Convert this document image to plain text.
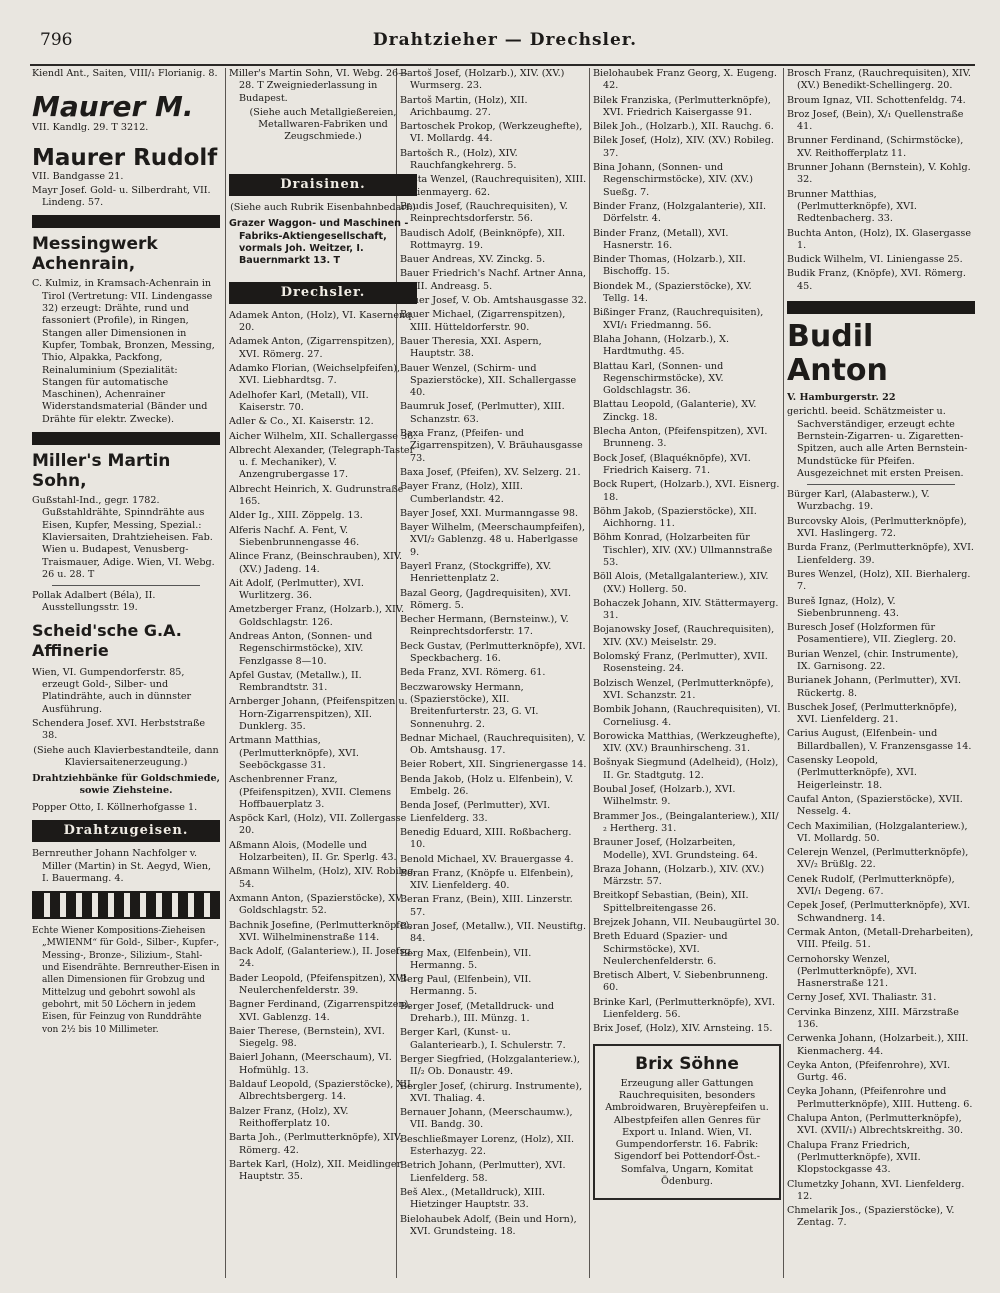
796	Drahtzieher — Drechsler.
Kiendl Ant., Saiten, VIII/₁ Florianig. 8.
Maurer M.
VII. Kandlg. 29. T 3212.
Maurer Rudolf
VII. Bandgasse 21.
Mayr Josef. Gold- u. Silberdraht, VII. Lindeng. 57.
Messingwerk Achenrain,
C. Kulmiz, in Kramsach-Achenrain in Tirol (Vertretung: VII. Lindengasse 32) erzeugt: Drähte, rund und fassoniert (Profile), in Ringen, Stangen aller Dimensionen in Kupfer, Tombak, Bronzen, Messing, Thio, Alpakka, Packfong, Reinaluminium (Spezialität: Stangen für automatische Maschinen), Achenrainer Widerstandsmaterial (Bänder und Drähte für elektr. Zwecke).
Miller's Martin Sohn,
Gußstahl-Ind., gegr. 1782. Gußstahldrähte, Spinndrähte aus Eisen, Kupfer, Messing, Spezial.: Klaviersaiten, Drahtzieheisen. Fab. Wien u. Budapest, Venusberg-Traismauer, Adige. Wien, VI. Webg. 26 u. 28. T
Pollak Adalbert (Béla), II. Ausstellungsstr. 19.
Scheid'sche G.A. Affinerie
Wien, VI. Gumpendorferstr. 85, erzeugt Gold-, Silber- und Platindrähte, auch in dünnster Ausführung.
Schendera Josef. XVI. Herbststraße 38.
(Siehe auch Klavierbestandteile, dann Klaviersaitenerzeugung.)
Drahtziehbänke für Goldschmiede, sowie Ziehsteine.
Popper Otto, I. Köllnerhofgasse 1.
Drahtzugeisen.
Bernreuther Johann Nachfolger v. Miller (Martin) in St. Aegyd, Wien, I. Bauermang. 4.
Echte Wiener Kompositions-Zieheisen „MWIENM“ für Gold-, Silber-, Kupfer-, Messing-, Bronze-, Silizium-, Stahl- und Eisendrähte. Bernreuther-Eisen in allen Dimensionen für Grobzug und Mittelzug und gebohrt sowohl als gebohrt, mit 50 Löchern in jedem Eisen, für Feinzug von Runddrähte von 2½ bis 10 Millimeter.
Miller's Martin Sohn, VI. Webg. 26—28. T Zweigniederlassung in Budapest.
(Siehe auch Metallgießereien, Metallwaren-Fabriken und Zeugschmiede.)
Draisinen.
(Siehe auch Rubrik Eisenbahnbedarf.)
Grazer Waggon- und Maschinen - Fabriks-Aktiengesellschaft, vormals Joh. Weitzer, I. Bauernmarkt 13. T
Drechsler.
Adamek Anton, (Holz), VI. Kasernenq. 20.
Adamek Anton, (Zigarrenspitzen), XVI. Römerg. 27.
Adamko Florian, (Weichselpfeifen), XVI. Liebhardtsg. 7.
Adelhofer Karl, (Metall), VII. Kaiserstr. 70.
Adler & Co., XI. Kaiserstr. 12.
Aicher Wilhelm, XII. Schallergasse 36.
Albrecht Alexander, (Telegraph-Taster u. f. Mechaniker), V. Anzengrubergasse 17.
Albrecht Heinrich, X. Gudrunstraße 165.
Alder Ig., XIII. Zöppelg. 13.
Alferis Nachf. A. Fent, V. Siebenbrunnengasse 46.
Alince Franz, (Beinschrauben), XIV. (XV.) Jadeng. 14.
Ait Adolf, (Perlmutter), XVI. Wurlitzerg. 36.
Ametzberger Franz, (Holzarb.), XIV. Goldschlagstr. 126.
Andreas Anton, (Sonnen- und Regenschirmstöcke), XIV. Fenzlgasse 8—10.
Apfel Gustav, (Metallw.), II. Rembrandtstr. 31.
Arnberger Johann, (Pfeifenspitzen u. Horn-Zigarrenspitzen), XII. Dunklerg. 35.
Artmann Matthias, (Perlmutterknöpfe), XVI. Seeböckgasse 31.
Aschenbrenner Franz, (Pfeifenspitzen), XVII. Clemens Hoffbauerplatz 3.
Aspöck Karl, (Holz), VII. Zollergasse 20.
Aßmann Alois, (Modelle und Holzarbeiten), II. Gr. Sperlg. 43.
Aßmann Wilhelm, (Holz), XIV. Robileg. 54.
Axmann Anton, (Spazierstöcke), XV. Goldschlagstr. 52.
Bachnik Josefine, (Perlmutterknöpfe), XVI. Wilhelminenstraße 114.
Back Adolf, (Galanteriew.), II. Josefsg. 24.
Bader Leopold, (Pfeifenspitzen), XVI. Neulerchenfelderstr. 39.
Bagner Ferdinand, (Zigarrenspitzen), XVI. Gablenzg. 14.
Baier Therese, (Bernstein), XVI. Siegelg. 98.
Baierl Johann, (Meerschaum), VI. Hofmühlg. 13.
Baldauf Leopold, (Spazierstöcke), XII. Albrechtsbergerg. 14.
Balzer Franz, (Holz), XV. Reithofferplatz 10.
Barta Joh., (Perlmutterknöpfe), XIV. Römerg. 42.
Bartek Karl, (Holz), XII. Meidlinger Hauptstr. 35.
Bartoš Josef, (Holzarb.), XIV. (XV.) Wurmserg. 23.
Bartoš Martin, (Holz), XII. Arichbaumg. 27.
Bartoschek Prokop, (Werkzeughefte), VI. Mollardg. 44.
Bartošch R., (Holz), XIV. Rauchfangkehrerg. 5.
Bašta Wenzel, (Rauchrequisiten), XIII. Kienmayerg. 62.
Baudis Josef, (Rauchrequisiten), V. Reinprechtsdorferstr. 56.
Baudisch Adolf, (Beinknöpfe), XII. Rottmayrg. 19.
Bauer Andreas, XV. Zinckg. 5.
Bauer Friedrich's Nachf. Artner Anna, VII. Andreasg. 5.
Bauer Josef, V. Ob. Amtshausgasse 32.
Bauer Michael, (Zigarrenspitzen), XIII. Hütteldorferstr. 90.
Bauer Theresia, XXI. Aspern, Hauptstr. 38.
Bauer Wenzel, (Schirm- und Spazierstöcke), XII. Schallergasse 40.
Baumruk Josef, (Perlmutter), XIII. Schanzstr. 63.
Baxa Franz, (Pfeifen- und Zigarrenspitzen), V. Bräuhausgasse 73.
Baxa Josef, (Pfeifen), XV. Selzerg. 21.
Bayer Franz, (Holz), XIII. Cumberlandstr. 42.
Bayer Josef, XXI. Murmanngasse 98.
Bayer Wilhelm, (Meerschaumpfeifen), XVI/₂ Gablenzg. 48 u. Haberlgasse 9.
Bayerl Franz, (Stockgriffe), XV. Henriettenplatz 2.
Bazal Georg, (Jagdrequisiten), XVI. Römerg. 5.
Becher Hermann, (Bernsteinw.), V. Reinprechtsdorferstr. 17.
Beck Gustav, (Perlmutterknöpfe), XVI. Speckbacherg. 16.
Beda Franz, XVI. Römerg. 61.
Beczwarowsky Hermann, (Spazierstöcke), XII. Breitenfurterstr. 23, G. VI. Sonnenuhrg. 2.
Bednar Michael, (Rauchrequisiten), V. Ob. Amtshausg. 17.
Beier Robert, XII. Singrienergasse 14.
Benda Jakob, (Holz u. Elfenbein), V. Embelg. 26.
Benda Josef, (Perlmutter), XVI. Lienfelderg. 33.
Benedig Eduard, XIII. Roßbacherg. 10.
Benold Michael, XV. Brauergasse 4.
Beran Franz, (Knöpfe u. Elfenbein), XIV. Lienfelderg. 40.
Beran Franz, (Bein), XIII. Linzerstr. 57.
Beran Josef, (Metallw.), VII. Neustiftg. 84.
Berg Max, (Elfenbein), VII. Hermanng. 5.
Berg Paul, (Elfenbein), VII. Hermanng. 5.
Berger Josef, (Metalldruck- und Dreharb.), III. Münzg. 1.
Berger Karl, (Kunst- u. Galanteriearb.), I. Schulerstr. 7.
Berger Siegfried, (Holzgalanteriew.), II/₂ Ob. Donaustr. 49.
Bergler Josef, (chirurg. Instrumente), XVI. Thaliag. 4.
Bernauer Johann, (Meerschaumw.), VII. Bandg. 30.
Beschließmayer Lorenz, (Holz), XII. Esterhazyg. 22.
Betrich Johann, (Perlmutter), XVI. Lienfelderg. 58.
Beš Alex., (Metalldruck), XIII. Hietzinger Hauptstr. 33.
Bielohaubek Adolf, (Bein und Horn), XVI. Grundsteing. 18.
Bielohaubek Franz Georg, X. Eugeng. 42.
Bilek Franziska, (Perlmutterknöpfe), XVI. Friedrich Kaisergasse 91.
Bilek Joh., (Holzarb.), XII. Rauchg. 6.
Bilek Josef, (Holz), XIV. (XV.) Robileg. 37.
Bina Johann, (Sonnen- und Regenschirmstöcke), XIV. (XV.) Sueßg. 7.
Binder Franz, (Holzgalanterie), XII. Dörfelstr. 4.
Binder Franz, (Metall), XVI. Hasnerstr. 16.
Binder Thomas, (Holzarb.), XII. Bischoffg. 15.
Biondek M., (Spazierstöcke), XV. Tellg. 14.
Bißinger Franz, (Rauchrequisiten), XVI/₁ Friedmanng. 56.
Blaha Johann, (Holzarb.), X. Hardtmuthg. 45.
Blattau Karl, (Sonnen- und Regenschirmstöcke), XV. Goldschlagstr. 36.
Blattau Leopold, (Galanterie), XV. Zinckg. 18.
Blecha Anton, (Pfeifenspitzen), XVI. Brunneng. 3.
Bock Josef, (Blaquéknöpfe), XVI. Friedrich Kaiserg. 71.
Bock Rupert, (Holzarb.), XVI. Eisnerg. 18.
Böhm Jakob, (Spazierstöcke), XII. Aichhorng. 11.
Böhm Konrad, (Holzarbeiten für Tischler), XIV. (XV.) Ullmannstraße 53.
Böll Alois, (Metallgalanteriew.), XIV. (XV.) Hollerg. 50.
Bohaczek Johann, XIV. Stättermayerg. 31.
Bojanowsky Josef, (Rauchrequisiten), XIV. (XV.) Meiselstr. 29.
Bolomský Franz, (Perlmutter), XVII. Rosensteing. 24.
Bolzisch Wenzel, (Perlmutterknöpfe), XVI. Schanzstr. 21.
Bombik Johann, (Rauchrequisiten), VI. Corneliusg. 4.
Borowicka Matthias, (Werkzeughefte), XIV. (XV.) Braunhirscheng. 31.
Bošnyak Siegmund (Adelheid), (Holz), II. Gr. Stadtgutg. 12.
Boubal Josef, (Holzarb.), XVI. Wilhelmstr. 9.
Brammer Jos., (Beingalanteriew.), XII/₂ Hertherg. 31.
Brauner Josef, (Holzarbeiten, Modelle), XVI. Grundsteing. 64.
Braza Johann, (Holzarb.), XIV. (XV.) Märzstr. 57.
Breitkopf Sebastian, (Bein), XII. Spittelbreitengasse 26.
Brejzek Johann, VII. Neubaugürtel 30.
Breth Eduard (Spazier- und Schirmstöcke), XVI. Neulerchenfelderstr. 6.
Bretisch Albert, V. Siebenbrunneng. 60.
Brinke Karl, (Perlmutterknöpfe), XVI. Lienfelderg. 56.
Brix Josef, (Holz), XIV. Arnsteing. 15.
Brix Söhne
Erzeugung aller Gattungen Rauchrequisiten, besonders Ambroidwaren, Bruyèrepfeifen u. Albestpfeifen allen Genres für Export u. Inland. Wien, VI. Gumpendorferstr. 16. Fabrik: Sigendorf bei Pottendorf-Öst.-Somfalva, Ungarn, Komitat Ödenburg.
Brosch Franz, (Rauchrequisiten), XIV. (XV.) Benedikt-Schellingerg. 20.
Broum Ignaz, VII. Schottenfeldg. 74.
Broz Josef, (Bein), X/₁ Quellenstraße 41.
Brunner Ferdinand, (Schirmstöcke), XV. Reithofferplatz 11.
Brunner Johann (Bernstein), V. Kohlg. 32.
Brunner Matthias, (Perlmutterknöpfe), XVI. Redtenbacherg. 33.
Buchta Anton, (Holz), IX. Glasergasse 1.
Budick Wilhelm, VI. Liniengasse 25.
Budik Franz, (Knöpfe), XVI. Römerg. 45.
Budil Anton
V. Hamburgerstr. 22
gerichtl. beeid. Schätzmeister u. Sachverständiger, erzeugt echte Bernstein-Zigarren- u. Zigaretten-Spitzen, auch alle Arten Bernstein-Mundstücke für Pfeifen. Ausgezeichnet mit ersten Preisen.
Bürger Karl, (Alabasterw.), V. Wurzbachg. 19.
Burcovsky Alois, (Perlmutterknöpfe), XVI. Haslingerg. 72.
Burda Franz, (Perlmutterknöpfe), XVI. Lienfelderg. 39.
Bures Wenzel, (Holz), XII. Bierhalerg. 7.
Bureš Ignaz, (Holz), V. Siebenbrunneng. 43.
Buresch Josef (Holzformen für Posamentiere), VII. Zieglerg. 20.
Burian Wenzel, (chir. Instrumente), IX. Garnisong. 22.
Burianek Johann, (Perlmutter), XVI. Rückertg. 8.
Buschek Josef, (Perlmutterknöpfe), XVI. Lienfelderg. 21.
Carius August, (Elfenbein- und Billardballen), V. Franzensgasse 14.
Casensky Leopold, (Perlmutterknöpfe), XVI. Heigerleinstr. 18.
Caufal Anton, (Spazierstöcke), XVII. Nesselg. 4.
Cech Maximilian, (Holzgalanteriew.), VI. Mollardg. 50.
Celerejn Wenzel, (Perlmutterknöpfe), XV/₂ Brüßlg. 22.
Cenek Rudolf, (Perlmutterknöpfe), XVI/₁ Degeng. 67.
Cepek Josef, (Perlmutterknöpfe), XVI. Schwandnerg. 14.
Cermak Anton, (Metall-Dreharbeiten), VIII. Pfeilg. 51.
Cernohorsky Wenzel, (Perlmutterknöpfe), XVI. Hasnerstraße 121.
Cerny Josef, XVI. Thaliastr. 31.
Cervinka Binzenz, XIII. Märzstraße 136.
Cerwenka Johann, (Holzarbeit.), XIII. Kienmacherg. 44.
Ceyka Anton, (Pfeifenrohre), XVI. Gurtg. 46.
Ceyka Johann, (Pfeifenrohre und Perlmutterknöpfe), XIII. Hutteng. 6.
Chalupa Anton, (Perlmutterknöpfe), XVI. (XVII/₁) Albrechtskreithg. 30.
Chalupa Franz Friedrich, (Perlmutterknöpfe), XVII. Klopstockgasse 43.
Clumetzky Johann, XVI. Lienfelderg. 12.
Chmelarik Jos., (Spazierstöcke), V. Zentag. 7.
